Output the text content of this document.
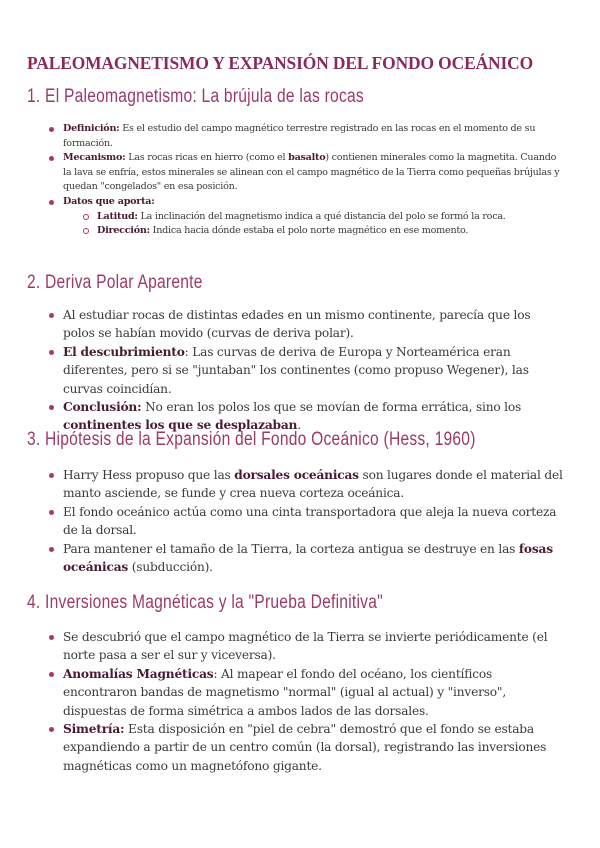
PALEOMAGNETISMO Y EXPANSIÓN DEL FONDO OCEÁNICO
1. El Paleomagnetismo: La brújula de las rocas
Definición: Es el estudio del campo magnético terrestre registrado en las rocas en el momento de su formación.
Mecanismo: Las rocas ricas en hierro (como el basalto) contienen minerales como la magnetita. Cuando la lava se enfría, estos minerales se alinean con el campo magnético de la Tierra como pequeñas brújulas y quedan "congelados" en esa posición.
Datos que aporta:
Latitud: La inclinación del magnetismo indica a qué distancia del polo se formó la roca.
Dirección: Indica hacia dónde estaba el polo norte magnético en ese momento.
2. Deriva Polar Aparente
Al estudiar rocas de distintas edades en un mismo continente, parecía que los polos se habían movido (curvas de deriva polar).
El descubrimiento: Las curvas de deriva de Europa y Norteamérica eran diferentes, pero si se "juntaban" los continentes (como propuso Wegener), las curvas coincidían.
Conclusión: No eran los polos los que se movían de forma errática, sino los continentes los que se desplazaban.
3. Hipótesis de la Expansión del Fondo Oceánico (Hess, 1960)
Harry Hess propuso que las dorsales oceánicas son lugares donde el material del manto asciende, se funde y crea nueva corteza oceánica.
El fondo oceánico actúa como una cinta transportadora que aleja la nueva corteza de la dorsal.
Para mantener el tamaño de la Tierra, la corteza antigua se destruye en las fosas oceánicas (subducción).
4. Inversiones Magnéticas y la "Prueba Definitiva"
Se descubrió que el campo magnético de la Tierra se invierte periódicamente (el norte pasa a ser el sur y viceversa).
Anomalías Magnéticas: Al mapear el fondo del océano, los científicos encontraron bandas de magnetismo "normal" (igual al actual) y "inverso", dispuestas de forma simétrica a ambos lados de las dorsales.
Simetría: Esta disposición en "piel de cebra" demostró que el fondo se estaba expandiendo a partir de un centro común (la dorsal), registrando las inversiones magnéticas como un magnetófono gigante.
